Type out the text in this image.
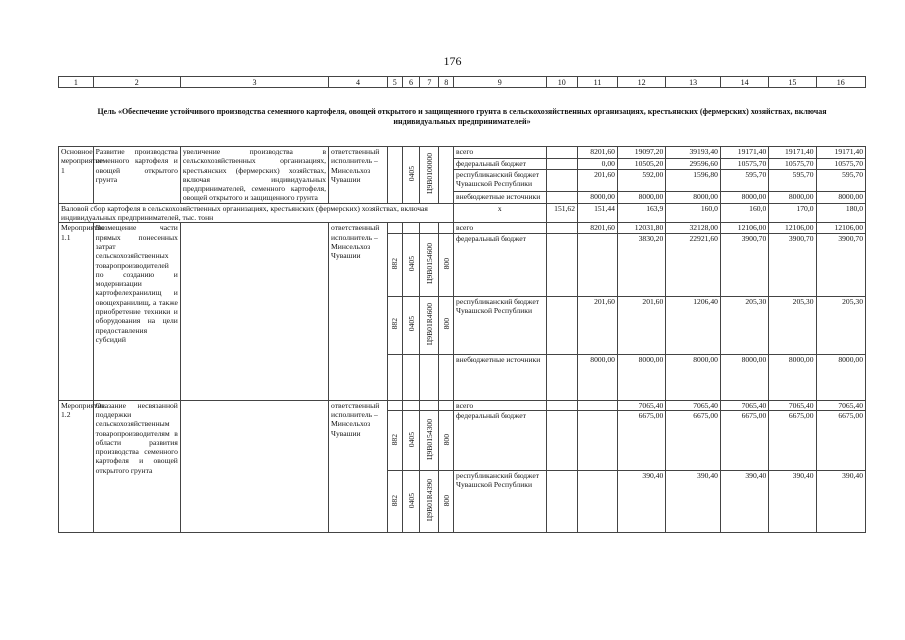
176
1	2	3	4	5	6	7	8	9	10	11	12	13	14	15	16
Цель «Обеспечение устойчивого производства семенного картофеля, овощей открытого и защищенного грунта в сельскохозяйственных организациях, крестьянских (фермерских) хозяйствах, включая индивидуальных предпринимателей»															
Основное мероприятие 1	Развитие производства семенного картофеля и овощей открытого грунта	увеличение производства в сельскохозяйственных организациях, крестьянских (фермерских) хозяйствах, включая индивидуальных предпринимателей, семенного картофеля, овощей открытого и защищенного грунта	ответственный исполнитель – Минсельхоз Чувашии		0405	Ц9В0100000		всего		8201,60	19097,20	39193,40	19171,40	19171,40	19171,40
								федеральный бюджет		0,00	10505,20	29596,60	10575,70	10575,70	10575,70
								республиканский бюджет Чувашской Республики		201,60	592,00	1596,80	595,70	595,70	595,70
								внебюджетные источники		8000,00	8000,00	8000,00	8000,00	8000,00	8000,00
Валовой сбор картофеля в сельскохозяйственных организациях, крестьянских (фермерских) хозяйствах, включая индивидуальных предпринимателей, тыс. тонн								х	151,62	151,44	163,9	160,0	160,0	170,0	180,0
Мероприятие 1.1	Возмещение части прямых понесенных затрат сельскохозяйственных товаропроизводителей по созданию и модернизации картофелехранилищ и овощехранилищ, а также приобретение техники и оборудования на цели предоставления субсидий		ответственный исполнитель – Минсельхоз Чувашии					всего		8201,60	12031,80	32128,00	12106,00	12106,00	12106,00
				882	0405	Ц9В0154600	800	федеральный бюджет			3830,20	22921,60	3900,70	3900,70	3900,70
				882	0405	Ц9В01R4600	800	республиканский бюджет Чувашской Республики		201,60	201,60	1206,40	205,30	205,30	205,30
								внебюджетные источники		8000,00	8000,00	8000,00	8000,00	8000,00	8000,00
Мероприятие 1.2	Оказание несвязанной поддержки сельскохозяйственным товаропроизводителям в области развития производства семенного картофеля и овощей открытого грунта		ответственный исполнитель – Минсельхоз Чувашии					всего			7065,40	7065,40	7065,40	7065,40	7065,40
				882	0405	Ц9В0154300	800	федеральный бюджет			6675,00	6675,00	6675,00	6675,00	6675,00
				882	0405	Ц9В01R4390	800	республиканский бюджет Чувашской Республики			390,40	390,40	390,40	390,40	390,40
